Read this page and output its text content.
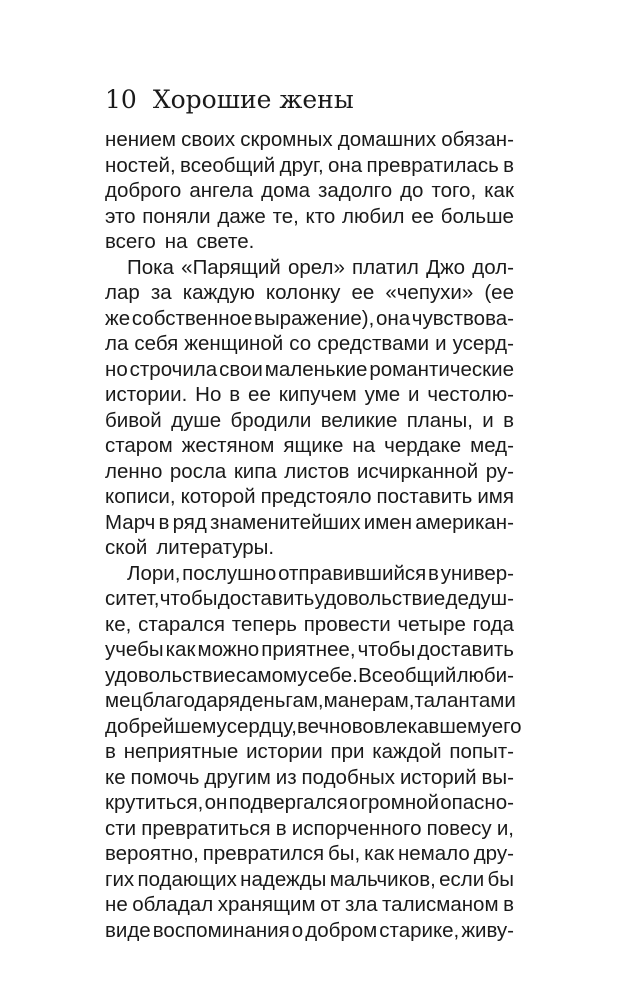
10 Хорошие жены
нением своих скромных домашних обязан-
ностей, всеобщий друг, она превратилась в
доброго ангела дома задолго до того, как
это поняли даже те, кто любил ее больше
всего на свете.
Пока «Парящий орел» платил Джо дол-
лар за каждую колонку ее «чепухи» (ее
же собственное выражение), она чувствова-
ла себя женщиной со средствами и усерд-
но строчила свои маленькие романтические
истории. Но в ее кипучем уме и честолю-
бивой душе бродили великие планы, и в
старом жестяном ящике на чердаке мед-
ленно росла кипа листов исчирканной ру-
кописи, которой предстояло поставить имя
Марч в ряд знаменитейших имен американ-
ской литературы.
Лори, послушно отправившийся в универ-
ситет, чтобы доставить удовольствие дедуш-
ке, старался теперь провести четыре года
учебы как можно приятнее, чтобы доставить
удовольствие самому себе. Всеобщий люби-
мец благодаря деньгам, манерам, талантам и
добрейшему сердцу, вечно вовлекавшему его
в неприятные истории при каждой попыт-
ке помочь другим из подобных историй вы-
крутиться, он подвергался огромной опасно-
сти превратиться в испорченного повесу и,
вероятно, превратился бы, как немало дру-
гих подающих надежды мальчиков, если бы
не обладал хранящим от зла талисманом в
виде воспоминания о добром старике, живу-
